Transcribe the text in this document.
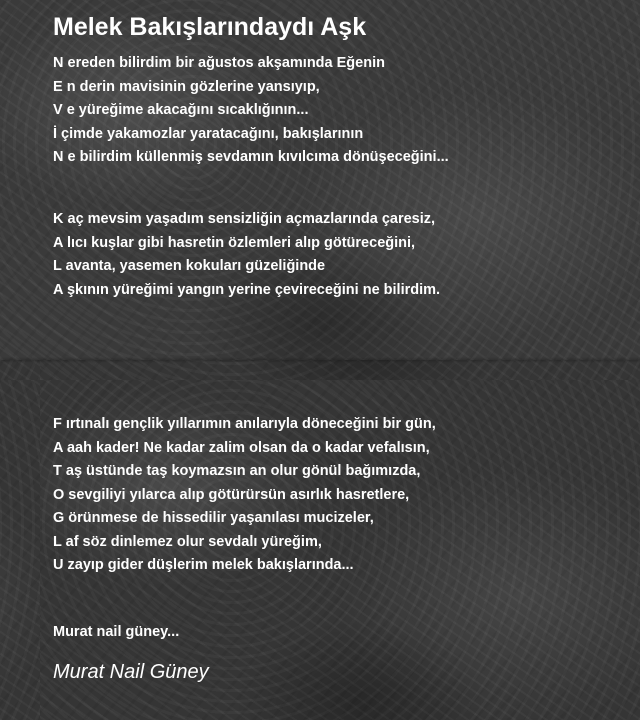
Melek Bakışlarındaydı Aşk
N ereden bilirdim bir ağustos akşamında Eğenin
E n derin mavisinin gözlerine yansıyıp,
V e yüreğime akacağını sıcaklığının...
İ çimde yakamozlar yaratacağını, bakışlarının
N e bilirdim küllenmiş sevdamın kıvılcıma dönüşeceğini...
K aç mevsim yaşadım sensizliğin açmazlarında çaresiz,
A lıcı kuşlar gibi hasretin özlemleri alıp götüreceğini,
L avanta, yasemen kokuları güzeliğinde
A şkının yüreğimi yangın yerine çevireceğini ne bilirdim.
F ırtınalı gençlik yıllarımın anılarıyla döneceğini bir gün,
A aah kader! Ne kadar zalim olsan da o kadar vefalısın,
T aş üstünde taş koymazsın an olur gönül bağımızda,
O sevgiliyi yılarca alıp götürürsün asırlık hasretlere,
G örünmese de hissedilir yaşanılası mucizeler,
L af söz dinlemez olur sevdalı yüreğim,
U zayıp gider düşlerim melek bakışlarında...
Murat nail güney...
Murat Nail Güney
